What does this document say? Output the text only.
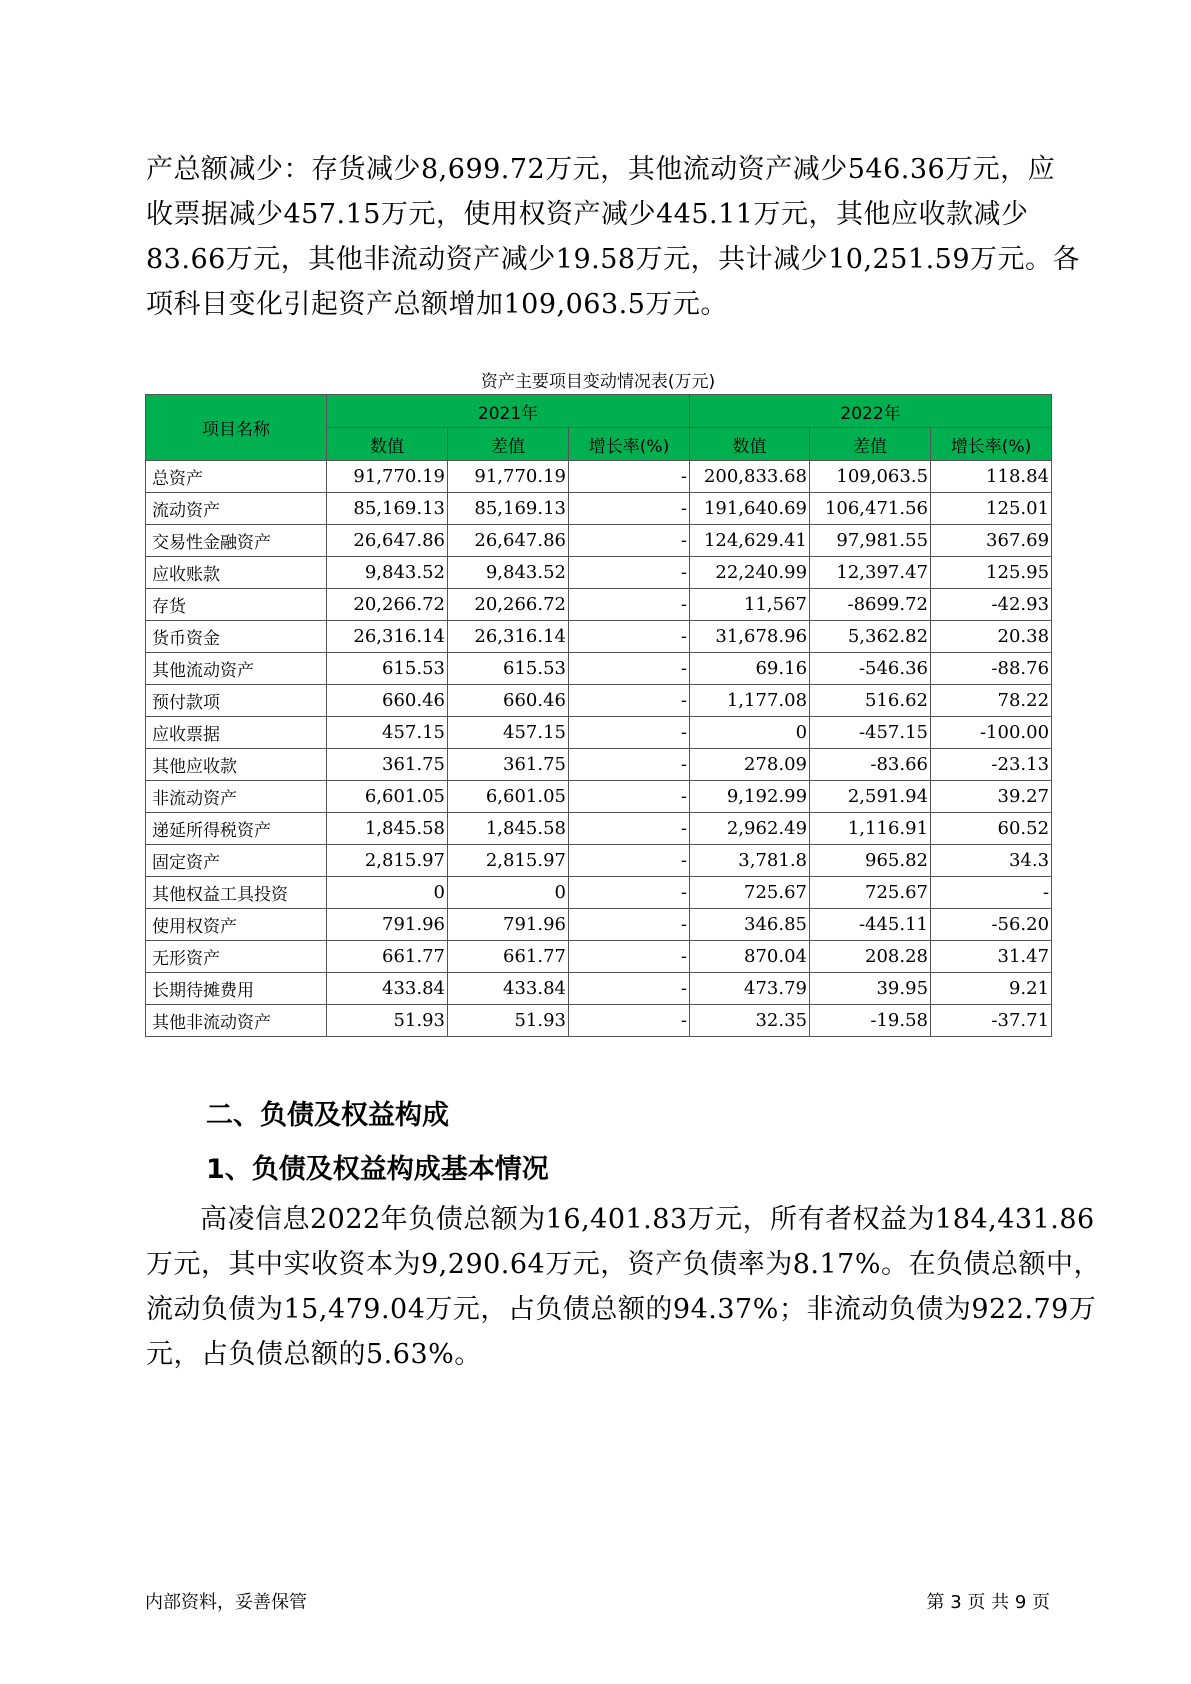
产总额减少：存货减少8,699.72万元，其他流动资产减少546.36万元，应

收票据减少457.15万元，使用权资产减少445.11万元，其他应收款减少

83.66万元，其他非流动资产减少19.58万元，共计减少10,251.59万元。各

项科目变化引起资产总额增加109,063.5万元。

资产主要项目变动情况表(万元)
项目名称	2021年			2022年		
	数值	差值	增长率(%)	数值	差值	增长率(%)
总资产	91,770.19	91,770.19	-	200,833.68	109,063.5	118.84
流动资产	85,169.13	85,169.13	-	191,640.69	106,471.56	125.01
交易性金融资产	26,647.86	26,647.86	-	124,629.41	97,981.55	367.69
应收账款	9,843.52	9,843.52	-	22,240.99	12,397.47	125.95
存货	20,266.72	20,266.72	-	11,567	-8699.72	-42.93
货币资金	26,316.14	26,316.14	-	31,678.96	5,362.82	20.38
其他流动资产	615.53	615.53	-	69.16	-546.36	-88.76
预付款项	660.46	660.46	-	1,177.08	516.62	78.22
应收票据	457.15	457.15	-	0	-457.15	-100.00
其他应收款	361.75	361.75	-	278.09	-83.66	-23.13
非流动资产	6,601.05	6,601.05	-	9,192.99	2,591.94	39.27
递延所得税资产	1,845.58	1,845.58	-	2,962.49	1,116.91	60.52
固定资产	2,815.97	2,815.97	-	3,781.8	965.82	34.3
其他权益工具投资	0	0	-	725.67	725.67	-
使用权资产	791.96	791.96	-	346.85	-445.11	-56.20
无形资产	661.77	661.77	-	870.04	208.28	31.47
长期待摊费用	433.84	433.84	-	473.79	39.95	9.21
其他非流动资产	51.93	51.93	-	32.35	-19.58	-37.71
二、负债及权益构成
1、负债及权益构成基本情况

高凌信息2022年负债总额为16,401.83万元，所有者权益为184,431.86

万元，其中实收资本为9,290.64万元，资产负债率为8.17%。在负债总额中，

流动负债为15,479.04万元，占负债总额的94.37%；非流动负债为922.79万

元，占负债总额的5.63%。

内部资料，妥善保管	第 3 页 共 9 页
